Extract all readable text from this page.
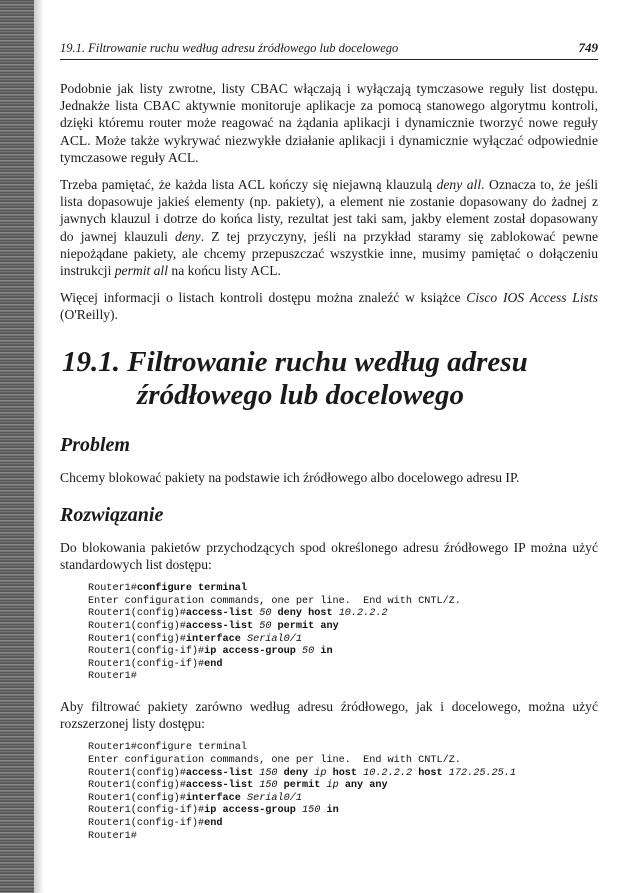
19.1. Filtrowanie ruchu według adresu źródłowego lub docelowego	749

Podobnie jak listy zwrotne, listy CBAC włączają i wyłączają tymczasowe reguły list dostępu. Jednakże lista CBAC aktywnie monitoruje aplikacje za pomocą stanowego algorytmu kontroli, dzięki któremu router może reagować na żądania aplikacji i dynamicznie tworzyć nowe reguły ACL. Może także wykrywać niezwykłe działanie aplikacji i dynamicznie wyłączać odpowiednie tymczasowe reguły ACL.

Trzeba pamiętać, że każda lista ACL kończy się niejawną klauzulą deny all. Oznacza to, że jeśli lista dopasowuje jakieś elementy (np. pakiety), a element nie zostanie dopasowany do żadnej z jawnych klauzul i dotrze do końca listy, rezultat jest taki sam, jakby element został dopasowany do jawnej klauzuli deny. Z tej przyczyny, jeśli na przykład staramy się zablokować pewne niepożądane pakiety, ale chcemy przepuszczać wszystkie inne, musimy pamiętać o dołączeniu instrukcji permit all na końcu listy ACL.

Więcej informacji o listach kontroli dostępu można znaleźć w książce Cisco IOS Access Lists (O'Reilly).

19.1. Filtrowanie ruchu według adresu
źródłowego lub docelowego
Problem

Chcemy blokować pakiety na podstawie ich źródłowego albo docelowego adresu IP.

Rozwiązanie

Do blokowania pakietów przychodzących spod określonego adresu źródłowego IP można użyć standardowych list dostępu:

Router1#configure terminal
Enter configuration commands, one per line.  End with CNTL/Z.
Router1(config)#access-list 50 deny host 10.2.2.2
Router1(config)#access-list 50 permit any
Router1(config)#interface Serial0/1
Router1(config-if)#ip access-group 50 in
Router1(config-if)#end
Router1#

Aby filtrować pakiety zarówno według adresu źródłowego, jak i docelowego, można użyć rozszerzonej listy dostępu:

Router1#configure terminal
Enter configuration commands, one per line.  End with CNTL/Z.
Router1(config)#access-list 150 deny ip host 10.2.2.2 host 172.25.25.1
Router1(config)#access-list 150 permit ip any any
Router1(config)#interface Serial0/1
Router1(config-if)#ip access-group 150 in
Router1(config-if)#end
Router1#
